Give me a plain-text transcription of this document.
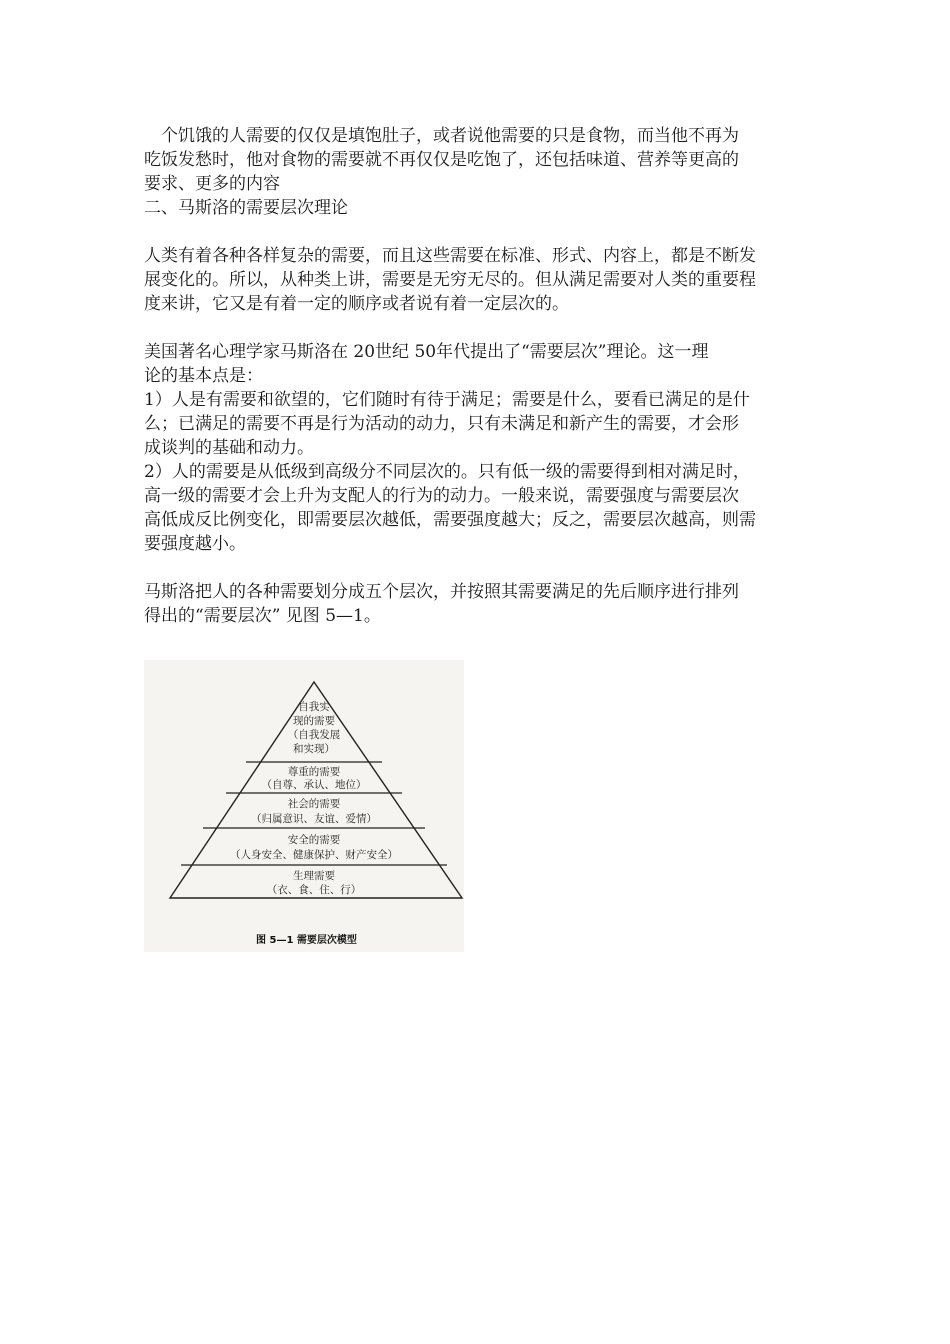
　个饥饿的人需要的仅仅是填饱肚子，或者说他需要的只是食物，而当他不再为

吃饭发愁时，他对食物的需要就不再仅仅是吃饱了，还包括味道、营养等更高的

要求、更多的内容

二、马斯洛的需要层次理论

人类有着各种各样复杂的需要，而且这些需要在标准、形式、内容上，都是不断发

展变化的。所以，从种类上讲，需要是无穷无尽的。但从满足需要对人类的重要程

度来讲，它又是有着一定的顺序或者说有着一定层次的。

美国著名心理学家马斯洛在 20世纪 50年代提出了“需要层次”理论。这一理

论的基本点是：

1）人是有需要和欲望的，它们随时有待于满足；需要是什么，要看已满足的是什

么；已满足的需要不再是行为活动的动力，只有未满足和新产生的需要，才会形

成谈判的基础和动力。

2）人的需要是从低级到高级分不同层次的。只有低一级的需要得到相对满足时，

高一级的需要才会上升为支配人的行为的动力。一般来说，需要强度与需要层次

高低成反比例变化，即需要层次越低，需要强度越大；反之，需要层次越高，则需

要强度越小。

马斯洛把人的各种需要划分成五个层次，并按照其需要满足的先后顺序进行排列

得出的“需要层次” 见图 5—1。

自我实
现的需要
（自我发展
和实现）
尊重的需要
（自尊、承认、地位）
社会的需要
（归属意识、友谊、爱情）
安全的需要
（人身安全、健康保护、财产安全）
生理需要
（衣、食、住、行）
图 5—1 需要层次模型
